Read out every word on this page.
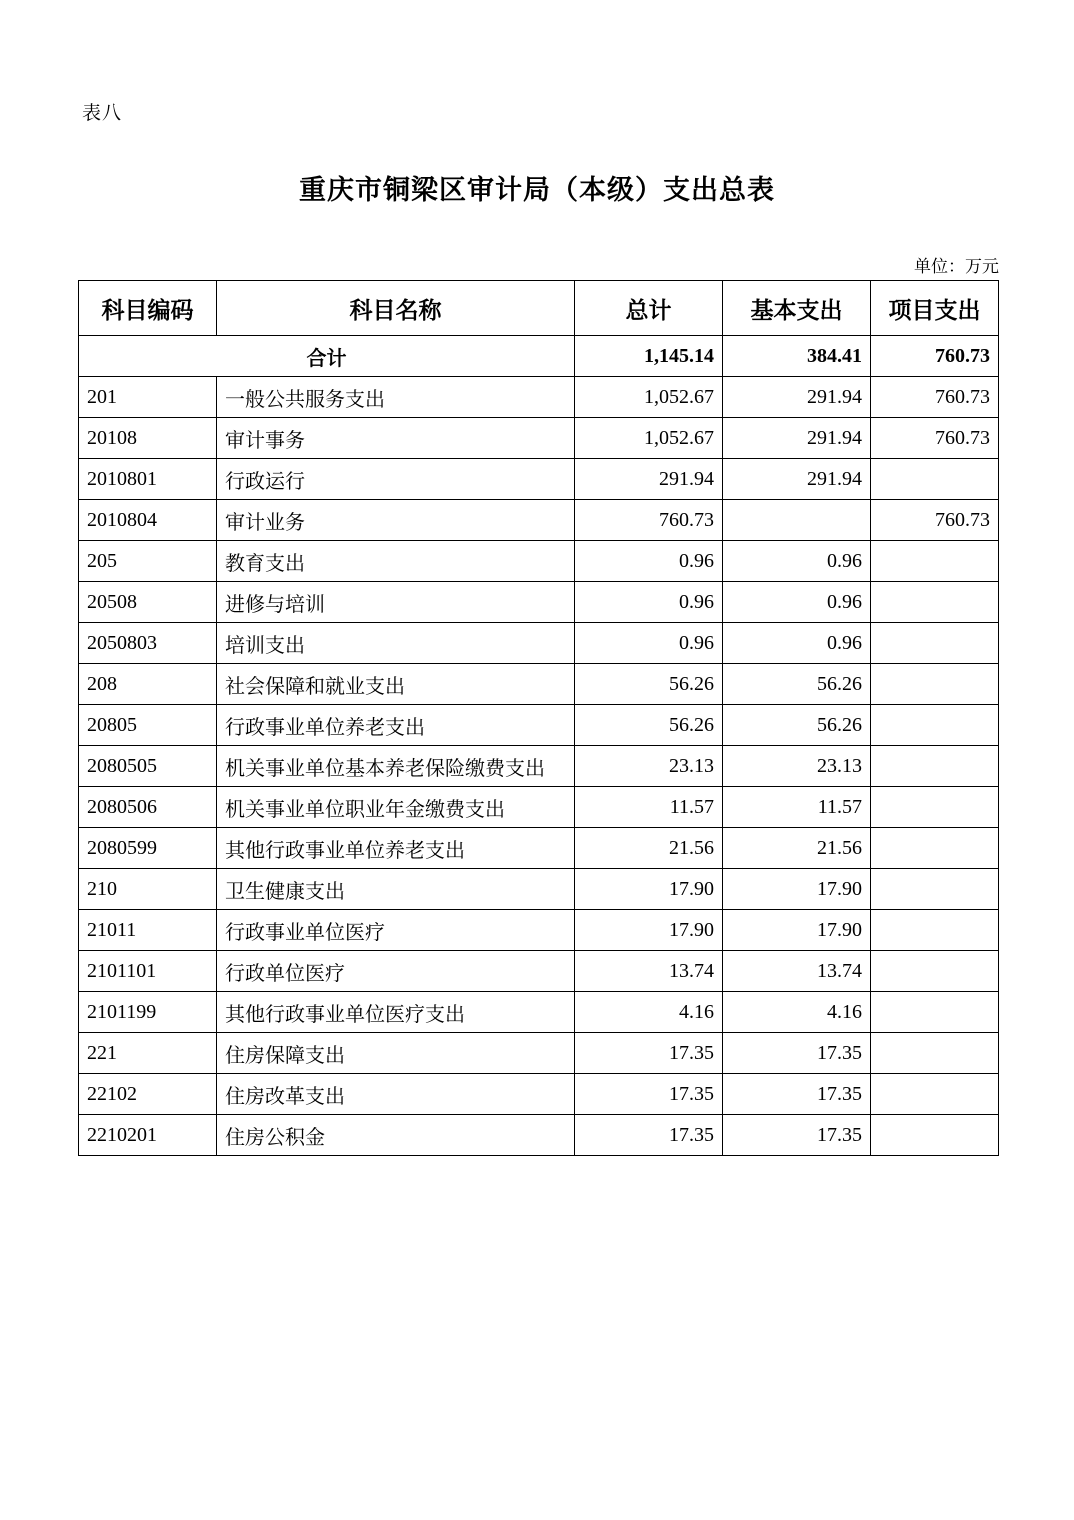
表八
重庆市铜梁区审计局（本级）支出总表
单位：万元
科目编码	科目名称	总计	基本支出	项目支出
合计		1,145.14	384.41	760.73
201	一般公共服务支出	1,052.67	291.94	760.73
20108	审计事务	1,052.67	291.94	760.73
2010801	行政运行	291.94	291.94	
2010804	审计业务	760.73		760.73
205	教育支出	0.96	0.96	
20508	进修与培训	0.96	0.96	
2050803	培训支出	0.96	0.96	
208	社会保障和就业支出	56.26	56.26	
20805	行政事业单位养老支出	56.26	56.26	
2080505	机关事业单位基本养老保险缴费支出	23.13	23.13	
2080506	机关事业单位职业年金缴费支出	11.57	11.57	
2080599	其他行政事业单位养老支出	21.56	21.56	
210	卫生健康支出	17.90	17.90	
21011	行政事业单位医疗	17.90	17.90	
2101101	行政单位医疗	13.74	13.74	
2101199	其他行政事业单位医疗支出	4.16	4.16	
221	住房保障支出	17.35	17.35	
22102	住房改革支出	17.35	17.35	
2210201	住房公积金	17.35	17.35	
